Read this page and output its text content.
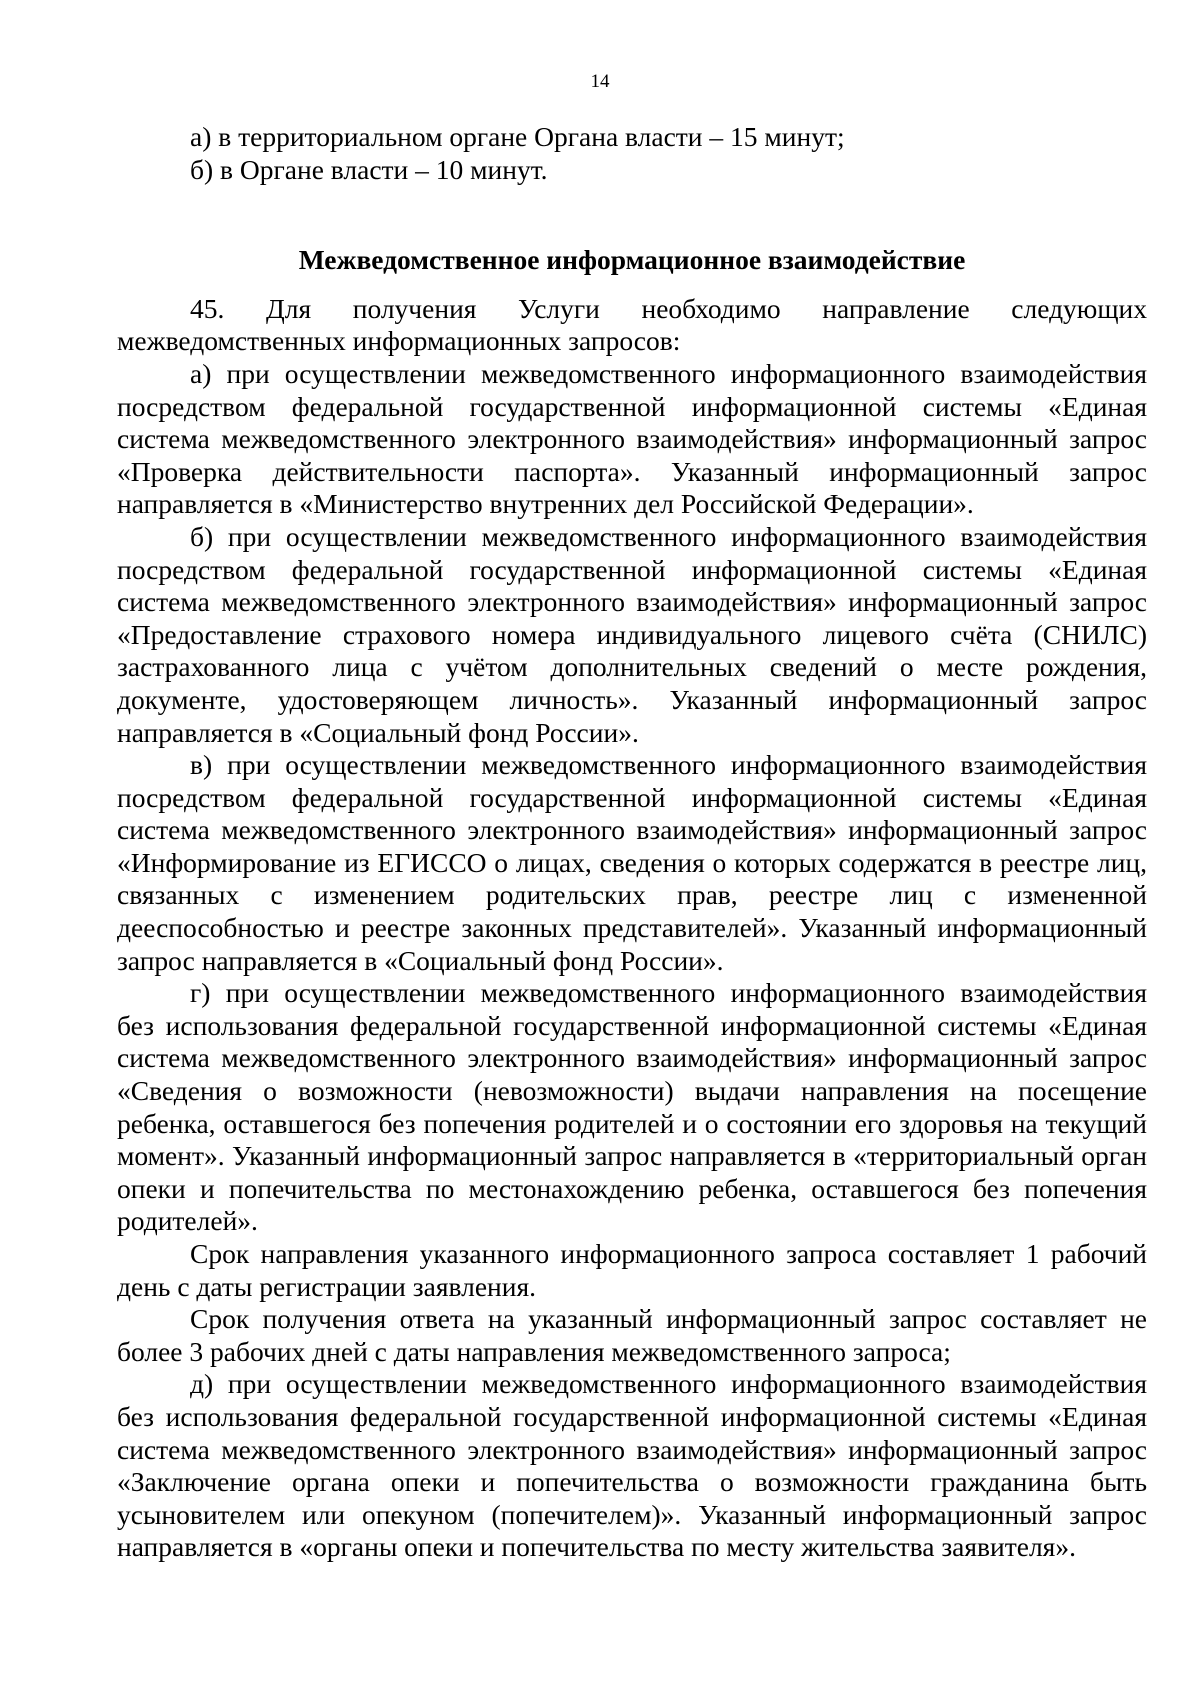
14

а) в территориальном органе Органа власти – 15 минут;

б) в Органе власти – 10 минут.

Межведомственное информационное взаимодействие

45. Для получения Услуги необходимо направление следующих межведомственных информационных запросов:

а) при осуществлении межведомственного информационного взаимодействия посредством федеральной государственной информационной системы «Единая система межведомственного электронного взаимодействия» информационный запрос «Проверка действительности паспорта». Указанный информационный запрос направляется в «Министерство внутренних дел Российской Федерации».

б) при осуществлении межведомственного информационного взаимодействия посредством федеральной государственной информационной системы «Единая система межведомственного электронного взаимодействия» информационный запрос «Предоставление страхового номера индивидуального лицевого счёта (СНИЛС) застрахованного лица с учётом дополнительных сведений о месте рождения, документе, удостоверяющем личность». Указанный информационный запрос направляется в «Социальный фонд России».

в) при осуществлении межведомственного информационного взаимодействия посредством федеральной государственной информационной системы «Единая система межведомственного электронного взаимодействия» информационный запрос «Информирование из ЕГИССО о лицах, сведения о которых содержатся в реестре лиц, связанных с изменением родительских прав, реестре лиц с измененной дееспособностью и реестре законных представителей». Указанный информационный запрос направляется в «Социальный фонд России».

г) при осуществлении межведомственного информационного взаимодействия без использования федеральной государственной информационной системы «Единая система межведомственного электронного взаимодействия» информационный запрос «Сведения о возможности (невозможности) выдачи направления на посещение ребенка, оставшегося без попечения родителей и о состоянии его здоровья на текущий момент». Указанный информационный запрос направляется в «территориальный орган опеки и попечительства по местонахождению ребенка, оставшегося без попечения родителей».

Срок направления указанного информационного запроса составляет 1 рабочий день с даты регистрации заявления.

Срок получения ответа на указанный информационный запрос составляет не более 3 рабочих дней с даты направления межведомственного запроса;

д) при осуществлении межведомственного информационного взаимодействия без использования федеральной государственной информационной системы «Единая система межведомственного электронного взаимодействия» информационный запрос «Заключение органа опеки и попечительства о возможности гражданина быть усыновителем или опекуном (попечителем)». Указанный информационный запрос направляется в «органы опеки и попечительства по месту жительства заявителя».
